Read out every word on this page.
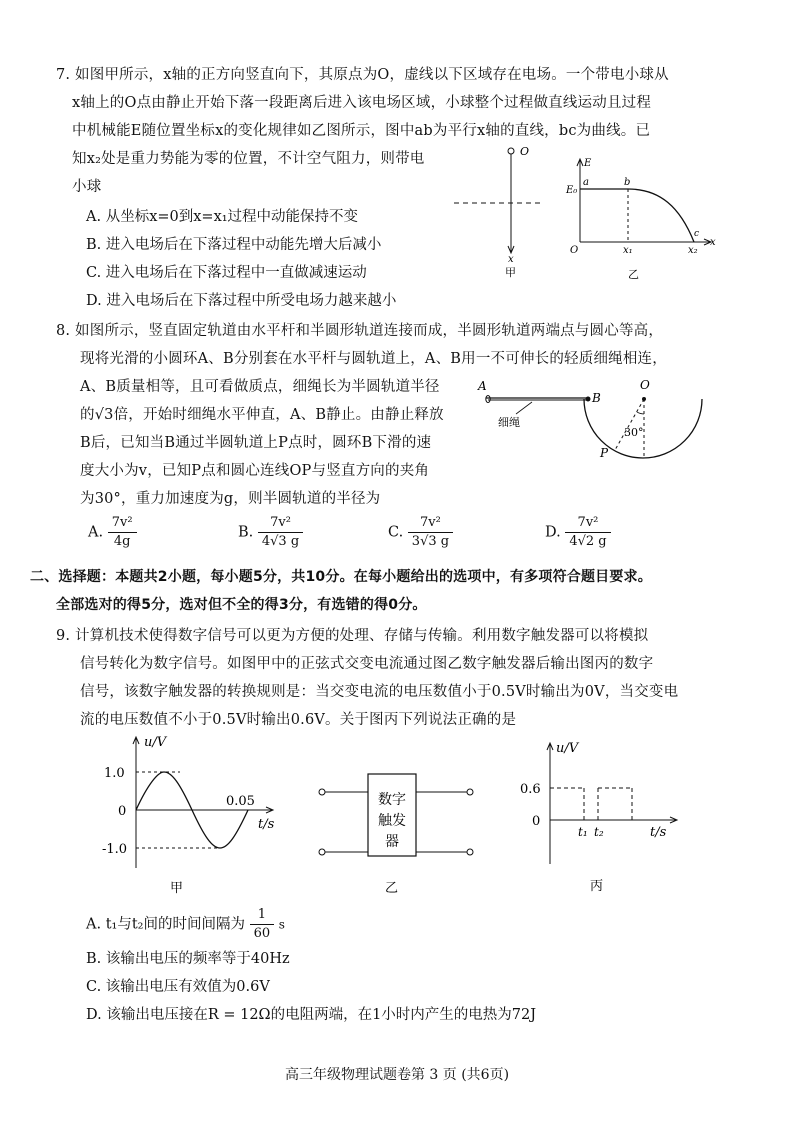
7. 如图甲所示，x轴的正方向竖直向下，其原点为O，虚线以下区域存在电场。一个带电小球从
x轴上的O点由静止开始下落一段距离后进入该电场区域，小球整个过程做直线运动且过程
中机械能E随位置坐标x的变化规律如乙图所示，图中ab为平行x轴的直线，bc为曲线。已
知x₂处是重力势能为零的位置，不计空气阻力，则带电
小球
A. 从坐标x=0到x=x₁过程中动能保持不变
B. 进入电场后在下落过程中动能先增大后减小
C. 进入电场后在下落过程中一直做减速运动
D. 进入电场后在下落过程中所受电场力越来越小
O
x
甲
E
E₀
a	b
c
O	x₁	x₂
x
乙
8. 如图所示，竖直固定轨道由水平杆和半圆形轨道连接而成，半圆形轨道两端点与圆心等高，
现将光滑的小圆环A、B分别套在水平杆与圆轨道上，A、B用一不可伸长的轻质细绳相连，
A、B质量相等，且可看做质点，细绳长为半圆轨道半径
的√3倍，开始时细绳水平伸直，A、B静止。由静止释放
B后，已知当B通过半圆轨道上P点时，圆环B下滑的速
度大小为v，已知P点和圆心连线OP与竖直方向的夹角
为30°，重力加速度为g，则半圆轨道的半径为
A
B
O
P
30°
细绳
A. $\frac{\text{7v²}}{4g}$	B. $\frac{\text{7v²}}{4√3 g}$	C. $\frac{\text{7v²}}{3√3 g}$	D. $\frac{\text{7v²}}{4√2 g}$
二、选择题：本题共2小题，每小题5分，共10分。在每小题给出的选项中，有多项符合题目要求。
全部选对的得5分，选对但不全的得3分，有选错的得0分。
9. 计算机技术使得数字信号可以更为方便的处理、存储与传输。利用数字触发器可以将模拟
信号转化为数字信号。如图甲中的正弦式交变电流通过图乙数字触发器后输出图丙的数字
信号，该数字触发器的转换规则是：当交变电流的电压数值小于0.5V时输出为0V，当交变电
流的电压数值不小于0.5V时输出0.6V。关于图丙下列说法正确的是
u/V
1.0
0
-1.0
0.05
t/s
甲
数字
触发
器
乙
u/V
0.6
0
t₁ t₂	t/s
丙
A. t₁与t₂间的时间间隔为 $\frac{1}{60}$ s
B. 该输出电压的频率等于40Hz
C. 该输出电压有效值为0.6V
D. 该输出电压接在R = 12Ω的电阻两端，在1小时内产生的电热为72J
高三年级物理试题卷第 3 页 (共6页)
